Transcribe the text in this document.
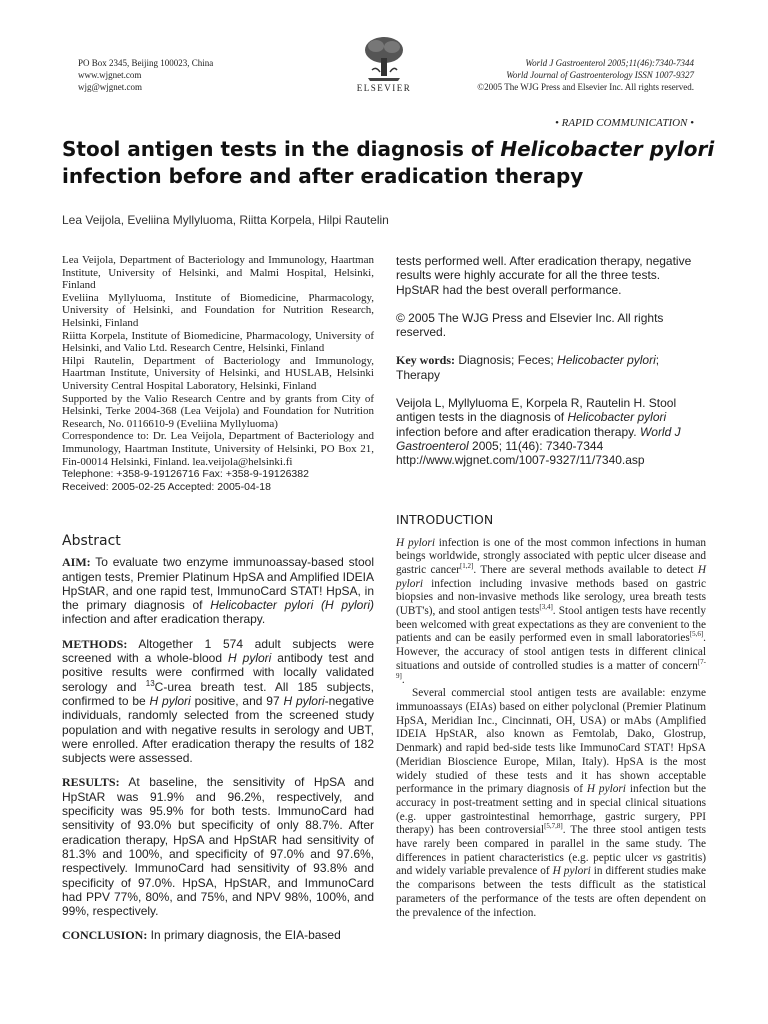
PO Box 2345, Beijing 100023, China
www.wjgnet.com
wjg@wjgnet.com	ELSEVIER
World J Gastroenterol 2005;11(46):7340-7344
World Journal of Gastroenterology ISSN 1007-9327
©2005 The WJG Press and Elsevier Inc. All rights reserved.
• RAPID COMMUNICATION •
Stool antigen tests in the diagnosis of Helicobacter pylori
infection before and after eradication therapy
Lea Veijola, Eveliina Myllyluoma, Riitta Korpela, Hilpi Rautelin

Lea Veijola, Department of Bacteriology and Immunology, Haartman Institute, University of Helsinki, and Malmi Hospital, Helsinki, Finland

Eveliina Myllyluoma, Institute of Biomedicine, Pharmacology, University of Helsinki, and Foundation for Nutrition Research, Helsinki, Finland

Riitta Korpela, Institute of Biomedicine, Pharmacology, University of Helsinki, and Valio Ltd. Research Centre, Helsinki, Finland

Hilpi Rautelin, Department of Bacteriology and Immunology, Haartman Institute, University of Helsinki, and HUSLAB, Helsinki University Central Hospital Laboratory, Helsinki, Finland

Supported by the Valio Research Centre and by grants from City of Helsinki, Terke 2004-368 (Lea Veijola) and Foundation for Nutrition Research, No. 0116610-9 (Eveliina Myllyluoma)

Correspondence to: Dr. Lea Veijola, Department of Bacteriology and Immunology, Haartman Institute, University of Helsinki, PO Box 21, Fin-00014 Helsinki, Finland. lea.veijola@helsinki.fi

Telephone: +358-9-19126716 Fax: +358-9-19126382

Received: 2005-02-25 Accepted: 2005-04-18

Abstract

AIM: To evaluate two enzyme immunoassay-based stool antigen tests, Premier Platinum HpSA and Amplified IDEIA HpStAR, and one rapid test, ImmunoCard STAT! HpSA, in the primary diagnosis of Helicobacter pylori (H pylori) infection and after eradication therapy.

METHODS: Altogether 1 574 adult subjects were screened with a whole-blood H pylori antibody test and positive results were confirmed with locally validated serology and $^{13}$C-urea breath test. All 185 subjects, confirmed to be H pylori positive, and 97 H pylori-negative individuals, randomly selected from the screened study population and with negative results in serology and UBT, were enrolled. After eradication therapy the results of 182 subjects were assessed.

RESULTS: At baseline, the sensitivity of HpSA and HpStAR was 91.9% and 96.2%, respectively, and specificity was 95.9% for both tests. ImmunoCard had sensitivity of 93.0% but specificity of only 88.7%. After eradication therapy, HpSA and HpStAR had sensitivity of 81.3% and 100%, and specificity of 97.0% and 97.6%, respectively. ImmunoCard had sensitivity of 93.8% and specificity of 97.0%. HpSA, HpStAR, and ImmunoCard had PPV 77%, 80%, and 75%, and NPV 98%, 100%, and 99%, respectively.

CONCLUSION: In primary diagnosis, the EIA-based

tests performed well. After eradication therapy, negative results were highly accurate for all the three tests. HpStAR had the best overall performance.

© 2005 The WJG Press and Elsevier Inc. All rights reserved.

Key words: Diagnosis; Feces; Helicobacter pylori; Therapy

Veijola L, Myllyluoma E, Korpela R, Rautelin H. Stool antigen tests in the diagnosis of Helicobacter pylori infection before and after eradication therapy. World J Gastroenterol 2005; 11(46): 7340-7344
http://www.wjgnet.com/1007-9327/11/7340.asp

INTRODUCTION

H pylori infection is one of the most common infections in human beings worldwide, strongly associated with peptic ulcer disease and gastric cancer[1,2]. There are several methods available to detect H pylori infection including invasive methods based on gastric biopsies and non-invasive methods like serology, urea breath tests (UBT's), and stool antigen tests[3,4]. Stool antigen tests have recently been welcomed with great expectations as they are convenient to the patients and can be easily performed even in small laboratories[5,6]. However, the accuracy of stool antigen tests in different clinical situations and outside of controlled studies is a matter of concern[7-9].

Several commercial stool antigen tests are available: enzyme immunoassays (EIAs) based on either polyclonal (Premier Platinum HpSA, Meridian Inc., Cincinnati, OH, USA) or mAbs (Amplified IDEIA HpStAR, also known as Femtolab, Dako, Glostrup, Denmark) and rapid bed-side tests like ImmunoCard STAT! HpSA (Meridian Bioscience Europe, Milan, Italy). HpSA is the most widely studied of these tests and it has shown acceptable performance in the primary diagnosis of H pylori infection but the accuracy in post-treatment setting and in special clinical situations (e.g. upper gastrointestinal hemorrhage, gastric surgery, PPI therapy) has been controversial[5,7,8]. The three stool antigen tests have rarely been compared in parallel in the same study. The differences in patient characteristics (e.g. peptic ulcer vs gastritis) and widely variable prevalence of H pylori in different studies make the comparisons between the tests difficult as the statistical parameters of the performance of the tests are often dependent on the prevalence of the infection.
